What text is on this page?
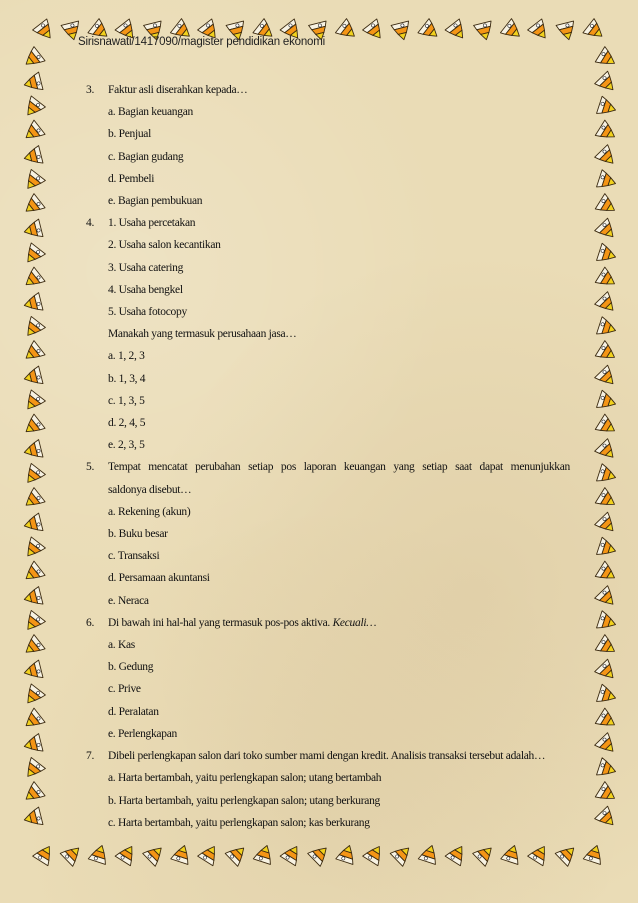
Sirisnawati/1417090/magister pendidikan ekonomi
3. Faktur asli diserahkan kepada…
a. Bagian keuangan
b. Penjual
c. Bagian gudang
d. Pembeli
e. Bagian pembukuan
4. 1. Usaha percetakan
2. Usaha salon kecantikan
3. Usaha catering
4. Usaha bengkel
5. Usaha fotocopy
Manakah yang termasuk perusahaan jasa…
a. 1, 2, 3
b. 1, 3, 4
c. 1, 3, 5
d. 2, 4, 5
e. 2, 3, 5
5. Tempat mencatat perubahan setiap pos laporan keuangan yang setiap saat dapat menunjukkan
saldonya disebut…
a. Rekening (akun)
b. Buku besar
c. Transaksi
d. Persamaan akuntansi
e. Neraca
6. Di bawah ini hal-hal yang termasuk pos-pos aktiva. Kecuali…
a. Kas
b. Gedung
c. Prive
d. Peralatan
e. Perlengkapan
7. Dibeli perlengkapan salon dari toko sumber mami dengan kredit. Analisis transaksi tersebut adalah…
a. Harta bertambah, yaitu perlengkapan salon; utang bertambah
b. Harta bertambah, yaitu perlengkapan salon; utang berkurang
c. Harta bertambah, yaitu perlengkapan salon; kas berkurang
